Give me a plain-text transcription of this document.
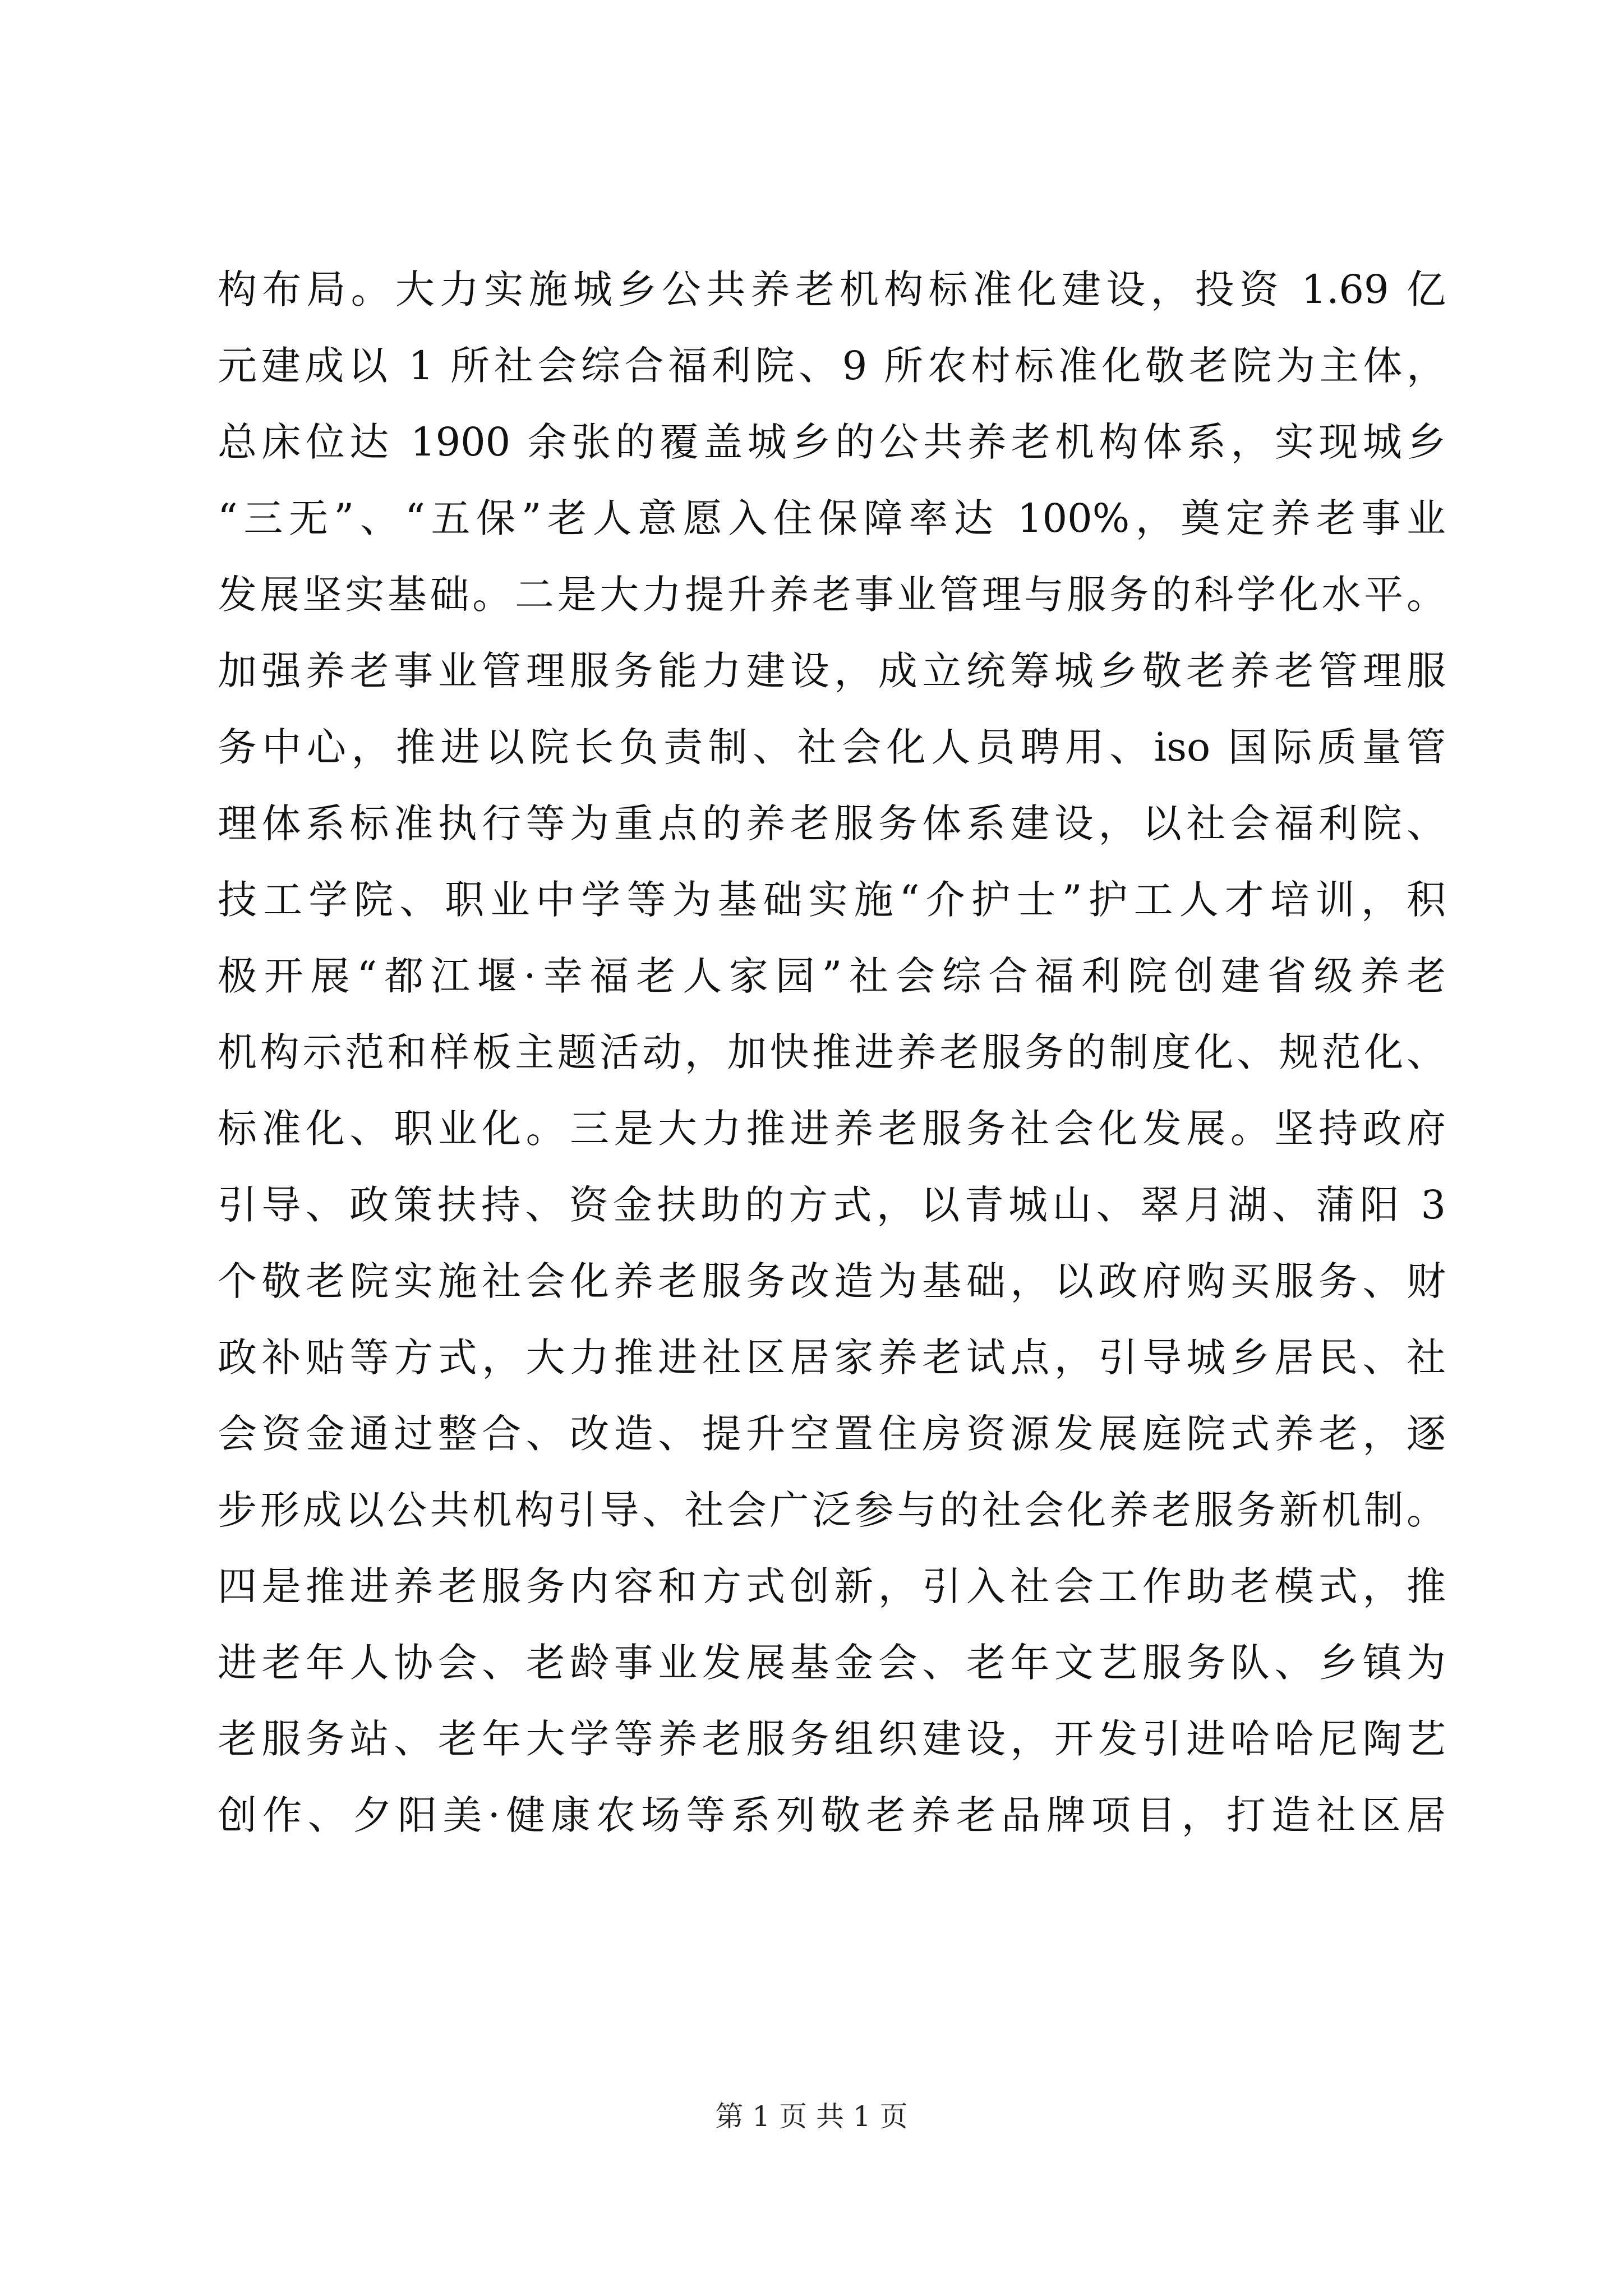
构布局。大力实施城乡公共养老机构标准化建设，投资 1.69 亿
元建成以 1 所社会综合福利院、9 所农村标准化敬老院为主体，
总床位达 1900 余张的覆盖城乡的公共养老机构体系，实现城乡
“三无”、“五保”老人意愿入住保障率达 100%，奠定养老事业
发展坚实基础。二是大力提升养老事业管理与服务的科学化水平。
加强养老事业管理服务能力建设，成立统筹城乡敬老养老管理服
务中心，推进以院长负责制、社会化人员聘用、iso 国际质量管
理体系标准执行等为重点的养老服务体系建设，以社会福利院、
技工学院、职业中学等为基础实施“介护士”护工人才培训，积
极开展“都江堰·幸福老人家园”社会综合福利院创建省级养老
机构示范和样板主题活动，加快推进养老服务的制度化、规范化、
标准化、职业化。三是大力推进养老服务社会化发展。坚持政府
引导、政策扶持、资金扶助的方式，以青城山、翠月湖、蒲阳 3
个敬老院实施社会化养老服务改造为基础，以政府购买服务、财
政补贴等方式，大力推进社区居家养老试点，引导城乡居民、社
会资金通过整合、改造、提升空置住房资源发展庭院式养老，逐
步形成以公共机构引导、社会广泛参与的社会化养老服务新机制。
四是推进养老服务内容和方式创新，引入社会工作助老模式，推
进老年人协会、老龄事业发展基金会、老年文艺服务队、乡镇为
老服务站、老年大学等养老服务组织建设，开发引进哈哈尼陶艺
创作、夕阳美·健康农场等系列敬老养老品牌项目，打造社区居
第 1 页 共 1 页
